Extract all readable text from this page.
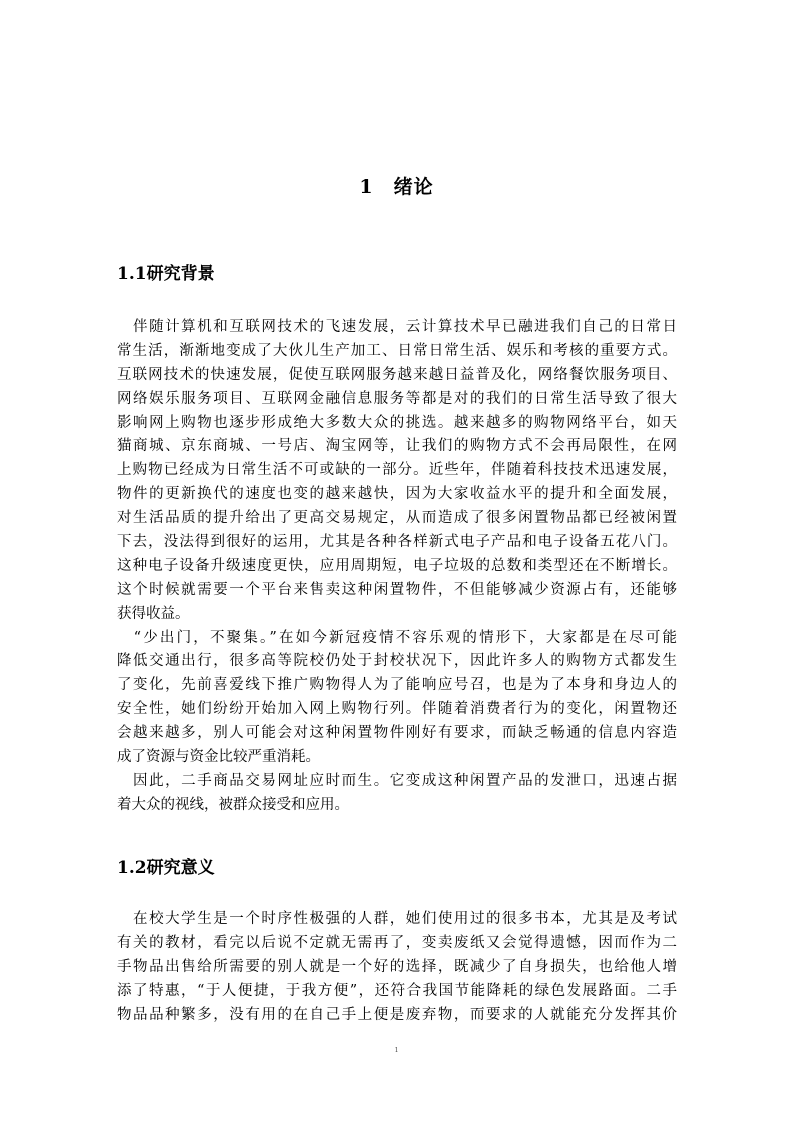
1　绪论
1.1研究背景
　伴随计算机和互联网技术的飞速发展，云计算技术早已融进我们自己的日常日
常生活，渐渐地变成了大伙儿生产加工、日常日常生活、娱乐和考核的重要方式。
互联网技术的快速发展，促使互联网服务越来越日益普及化，网络餐饮服务项目、
网络娱乐服务项目、互联网金融信息服务等都是对的我们的日常生活导致了很大
影响网上购物也逐步形成绝大多数大众的挑选。越来越多的购物网络平台，如天
猫商城、京东商城、一号店、淘宝网等，让我们的购物方式不会再局限性，在网
上购物已经成为日常生活不可或缺的一部分。近些年，伴随着科技技术迅速发展，
物件的更新换代的速度也变的越来越快，因为大家收益水平的提升和全面发展，
对生活品质的提升给出了更高交易规定，从而造成了很多闲置物品都已经被闲置
下去，没法得到很好的运用，尤其是各种各样新式电子产品和电子设备五花八门。
这种电子设备升级速度更快，应用周期短，电子垃圾的总数和类型还在不断增长。
这个时候就需要一个平台来售卖这种闲置物件，不但能够减少资源占有，还能够
获得收益。
　“少出门，不聚集。”在如今新冠疫情不容乐观的情形下，大家都是在尽可能
降低交通出行，很多高等院校仍处于封校状况下，因此许多人的购物方式都发生
了变化，先前喜爱线下推广购物得人为了能响应号召，也是为了本身和身边人的
安全性，她们纷纷开始加入网上购物行列。伴随着消费者行为的变化，闲置物还
会越来越多，别人可能会对这种闲置物件刚好有要求，而缺乏畅通的信息内容造
成了资源与资金比较严重消耗。
　因此，二手商品交易网址应时而生。它变成这种闲置产品的发泄口，迅速占据
着大众的视线，被群众接受和应用。
1.2研究意义
　在校大学生是一个时序性极强的人群，她们使用过的很多书本，尤其是及考试
有关的教材，看完以后说不定就无需再了，变卖废纸又会觉得遗憾，因而作为二
手物品出售给所需要的别人就是一个好的选择，既减少了自身损失，也给他人增
添了特惠，“于人便捷，于我方便”，还符合我国节能降耗的绿色发展路面。二手
物品品种繁多，没有用的在自己手上便是废弃物，而要求的人就能充分发挥其价
1
